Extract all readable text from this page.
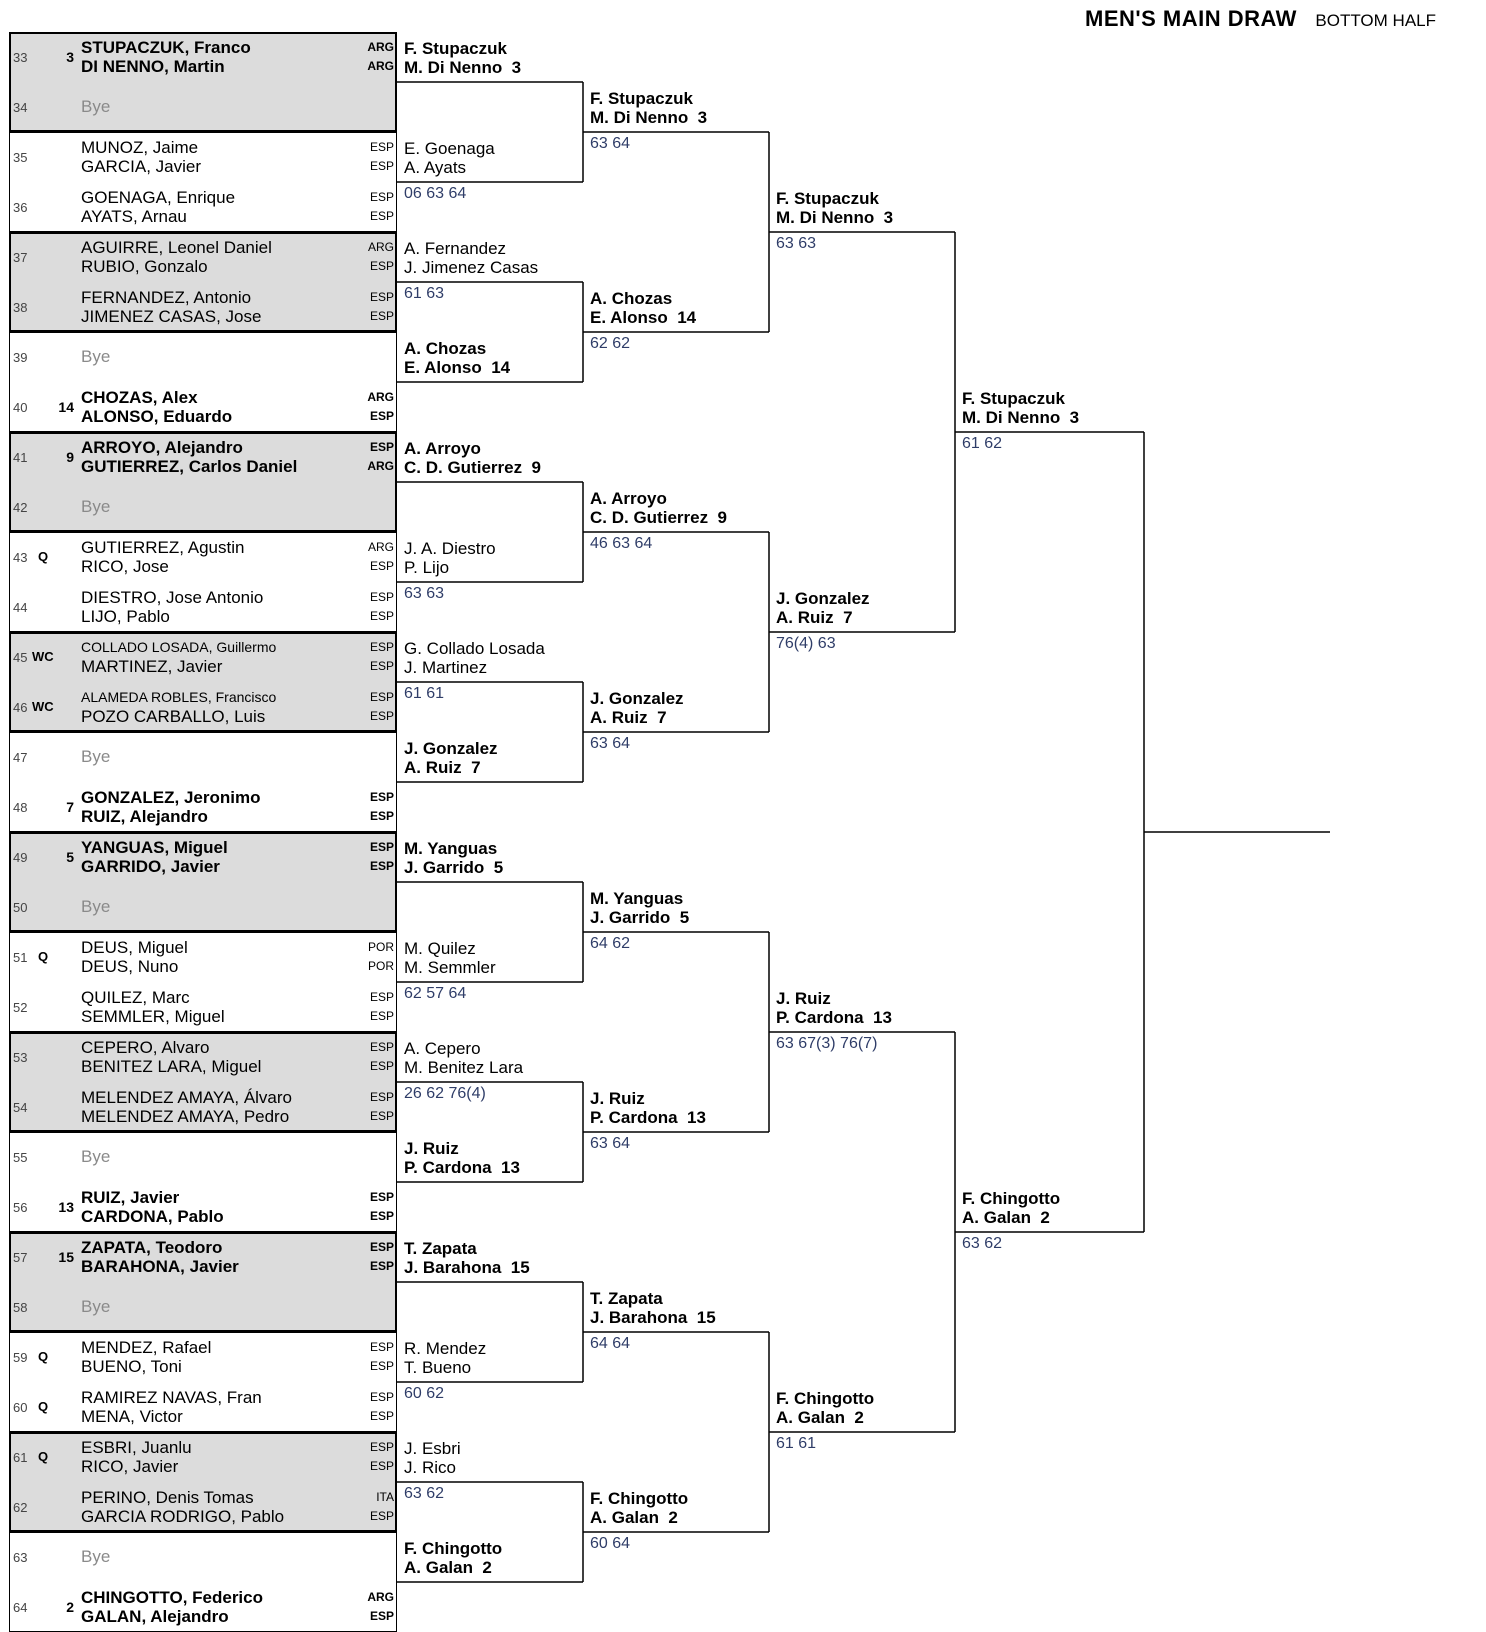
MEN'S MAIN DRAW BOTTOM HALF
33	3 STUPACZUK, Franco	ARG
DI NENNO, Martin	ARG
34	Bye
35
MUNOZ, Jaime	ESP
GARCIA, Javier	ESP
36
GOENAGA, Enrique	ESP
AYATS, Arnau	ESP
37
AGUIRRE, Leonel Daniel	ARG
RUBIO, Gonzalo	ESP
38
FERNANDEZ, Antonio	ESP
JIMENEZ CASAS, Jose	ESP
39	Bye
40	14 CHOZAS, Alex	ARG
ALONSO, Eduardo	ESP
41	9 ARROYO, Alejandro	ESP
GUTIERREZ, Carlos Daniel	ARG
42	Bye
43 Q GUTIERREZ, Agustin	ARG
RICO, Jose	ESP
44
DIESTRO, Jose Antonio	ESP
LIJO, Pablo	ESP
45 WC
COLLADO LOSADA, Guillermo	ESP
MARTINEZ, Javier	ESP
46 WC
ALAMEDA ROBLES, Francisco	ESP
POZO CARBALLO, Luis	ESP
47	Bye
48	7 GONZALEZ, Jeronimo	ESP
RUIZ, Alejandro	ESP
49	5 YANGUAS, Miguel	ESP
GARRIDO, Javier	ESP
50	Bye
51 Q DEUS, Miguel	POR
DEUS, Nuno	POR
52
QUILEZ, Marc	ESP
SEMMLER, Miguel	ESP
53
CEPERO, Alvaro	ESP
BENITEZ LARA, Miguel	ESP
54
MELENDEZ AMAYA, Álvaro	ESP
MELENDEZ AMAYA, Pedro	ESP
55	Bye
56	13 RUIZ, Javier	ESP
CARDONA, Pablo	ESP
57	15 ZAPATA, Teodoro	ESP
BARAHONA, Javier	ESP
58	Bye
59 Q MENDEZ, Rafael	ESP
BUENO, Toni	ESP
60 Q RAMIREZ NAVAS, Fran	ESP
MENA, Victor	ESP
61 Q ESBRI, Juanlu	ESP
RICO, Javier	ESP
62
PERINO, Denis Tomas	ITA
GARCIA RODRIGO, Pablo	ESP
63	Bye
64	2 CHINGOTTO, Federico	ARG
GALAN, Alejandro	ESP
F. Stupaczuk
M. Di Nenno 3
E. Goenaga
A. Ayats
06 63 64
A. Fernandez
J. Jimenez Casas
61 63
A. Chozas
E. Alonso 14
A. Arroyo
C. D. Gutierrez 9
J. A. Diestro
P. Lijo
63 63
G. Collado Losada
J. Martinez
61 61
J. Gonzalez
A. Ruiz 7
M. Yanguas
J. Garrido 5
M. Quilez
M. Semmler
62 57 64
A. Cepero
M. Benitez Lara
26 62 76(4)
J. Ruiz
P. Cardona 13
T. Zapata
J. Barahona 15
R. Mendez
T. Bueno
60 62
J. Esbri
J. Rico
63 62
F. Chingotto
A. Galan 2
F. Stupaczuk
M. Di Nenno 3
63 64
A. Chozas
E. Alonso 14
62 62
A. Arroyo
C. D. Gutierrez 9
46 63 64
J. Gonzalez
A. Ruiz 7
63 64
M. Yanguas
J. Garrido 5
64 62
J. Ruiz
P. Cardona 13
63 64
T. Zapata
J. Barahona 15
64 64
F. Chingotto
A. Galan 2
60 64
F. Stupaczuk
M. Di Nenno 3
63 63
J. Gonzalez
A. Ruiz 7
76(4) 63
J. Ruiz
P. Cardona 13
63 67(3) 76(7)
F. Chingotto
A. Galan 2
61 61
F. Stupaczuk
M. Di Nenno 3
61 62
F. Chingotto
A. Galan 2
63 62
